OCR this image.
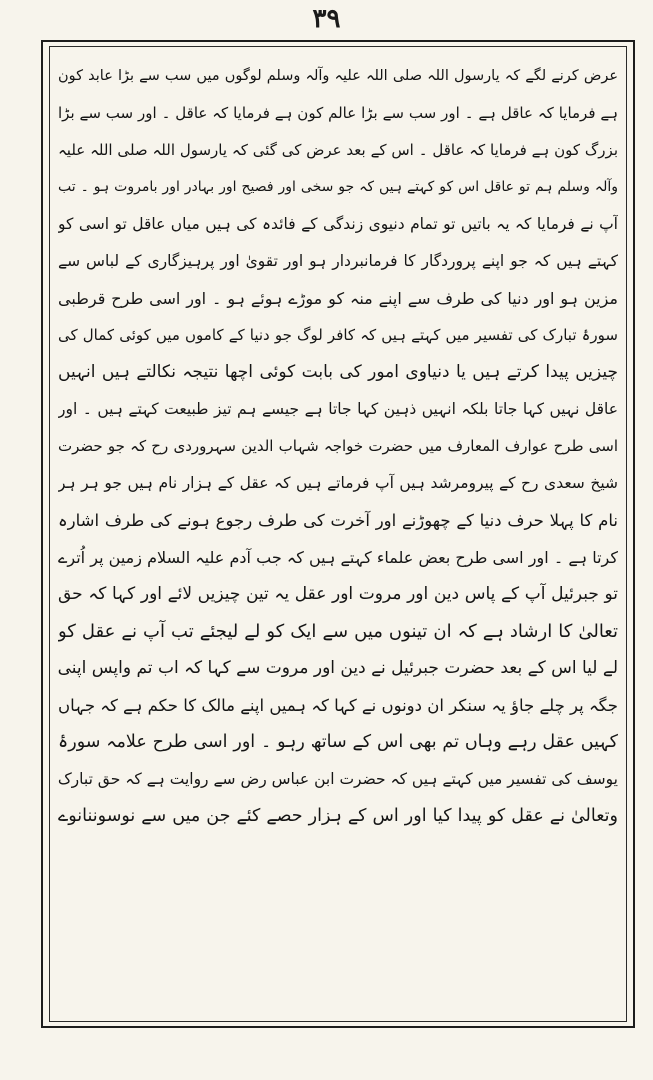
۳۹
عرض کرنے لگے کہ یارسول اللہ صلی اللہ علیہ وآلہ وسلم لوگوں میں سب سے بڑا عابد کون
ہے فرمایا کہ عاقل ہے ۔ اور سب سے بڑا عالم کون ہے فرمایا کہ عاقل ۔ اور سب سے بڑا
بزرگ کون ہے فرمایا کہ عاقل ۔ اس کے بعد عرض کی گئی کہ یارسول اللہ صلی اللہ علیہ
وآلہ وسلم ہم تو عاقل اس کو کہتے ہیں کہ جو سخی اور فصیح اور بہادر اور بامروت ہو ۔ تب
آپ نے فرمایا کہ یہ باتیں تو تمام دنیوی زندگی کے فائدہ کی ہیں میاں عاقل تو اسی کو
کہتے ہیں کہ جو اپنے پروردگار کا فرمانبردار ہو اور تقویٰ اور پرہیزگاری کے لباس سے
مزین ہو اور دنیا کی طرف سے اپنے منہ کو موڑے ہوئے ہو ۔ اور اسی طرح قرطبی
سورۂ تبارک کی تفسیر میں کہتے ہیں کہ کافر لوگ جو دنیا کے کاموں میں کوئی کمال کی
چیزیں پیدا کرتے ہیں یا دنیاوی امور کی بابت کوئی اچھا نتیجہ نکالتے ہیں انہیں
عاقل نہیں کہا جاتا بلکہ انہیں ذہین کہا جاتا ہے جیسے ہم تیز طبیعت کہتے ہیں ۔ اور
اسی طرح عوارف المعارف میں حضرت خواجہ شہاب الدین سہروردی رح کہ جو حضرت
شیخ سعدی رح کے پیرومرشد ہیں آپ فرماتے ہیں کہ عقل کے ہزار نام ہیں جو ہر ہر
نام کا پہلا حرف دنیا کے چھوڑنے اور آخرت کی طرف رجوع ہونے کی طرف اشارہ
کرتا ہے ۔ اور اسی طرح بعض علماء کہتے ہیں کہ جب آدم علیہ السلام زمین پر اُترے
تو جبرئیل آپ کے پاس دین اور مروت اور عقل یہ تین چیزیں لائے اور کہا کہ حق
تعالیٰ کا ارشاد ہے کہ ان تینوں میں سے ایک کو لے لیجئے تب آپ نے عقل کو
لے لیا اس کے بعد حضرت جبرئیل نے دین اور مروت سے کہا کہ اب تم واپس اپنی
جگہ پر چلے جاؤ یہ سنکر ان دونوں نے کہا کہ ہمیں اپنے مالک کا حکم ہے کہ جہاں
کہیں عقل رہے وہاں تم بھی اس کے ساتھ رہو ۔ اور اسی طرح علامہ سورۂ
یوسف کی تفسیر میں کہتے ہیں کہ حضرت ابن عباس رض سے روایت ہے کہ حق تبارک
وتعالیٰ نے عقل کو پیدا کیا اور اس کے ہزار حصے کئے جن میں سے نوسوننانوے
